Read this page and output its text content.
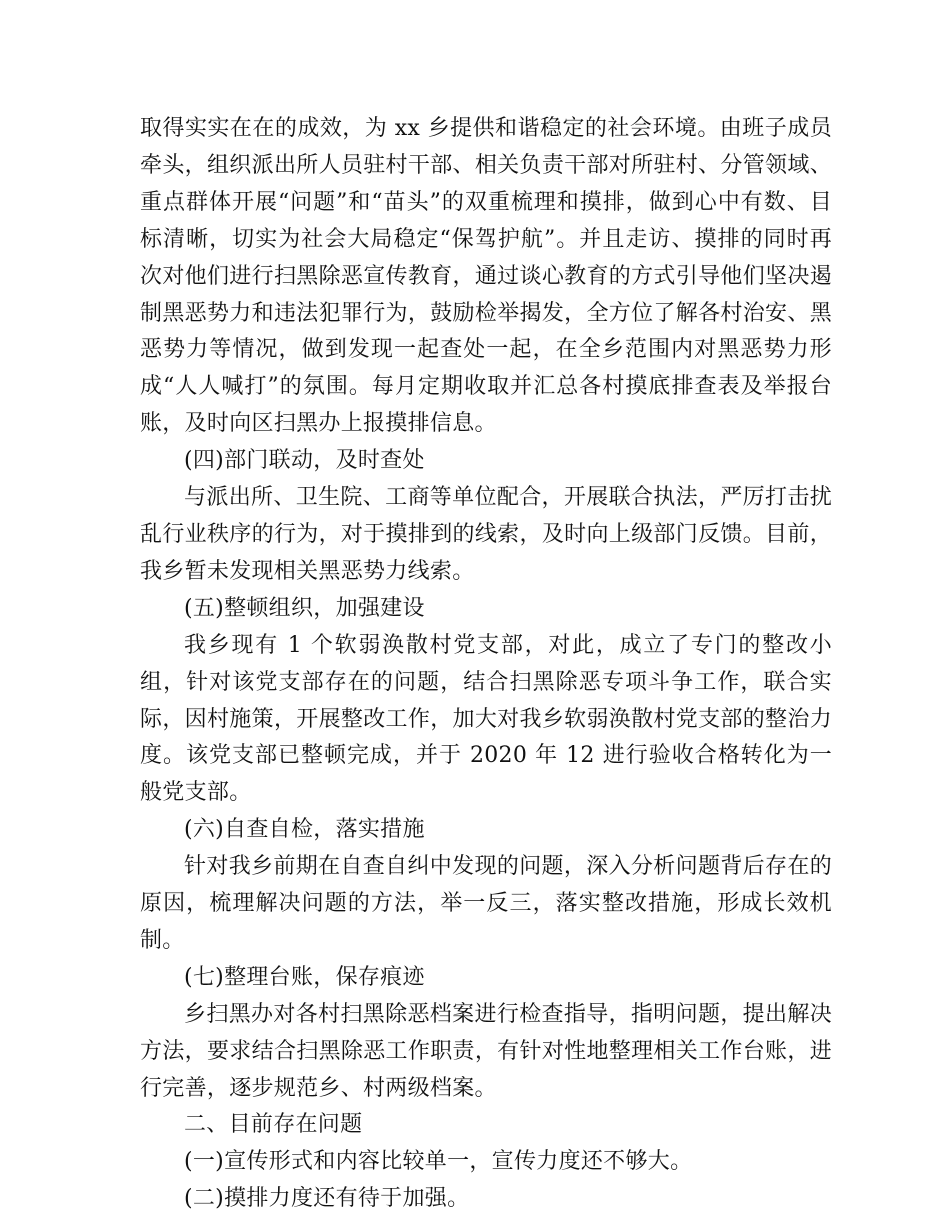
取得实实在在的成效，为 xx 乡提供和谐稳定的社会环境。由班子成员牵头，组织派出所人员驻村干部、相关负责干部对所驻村、分管领域、重点群体开展“问题”和“苗头”的双重梳理和摸排，做到心中有数、目标清晰，切实为社会大局稳定“保驾护航”。并且走访、摸排的同时再次对他们进行扫黑除恶宣传教育，通过谈心教育的方式引导他们坚决遏制黑恶势力和违法犯罪行为，鼓励检举揭发，全方位了解各村治安、黑恶势力等情况，做到发现一起查处一起，在全乡范围内对黑恶势力形成“人人喊打”的氛围。每月定期收取并汇总各村摸底排查表及举报台账，及时向区扫黑办上报摸排信息。

(四)部门联动，及时查处

与派出所、卫生院、工商等单位配合，开展联合执法，严厉打击扰乱行业秩序的行为，对于摸排到的线索，及时向上级部门反馈。目前，我乡暂未发现相关黑恶势力线索。

(五)整顿组织，加强建设

我乡现有 1 个软弱涣散村党支部，对此，成立了专门的整改小组，针对该党支部存在的问题，结合扫黑除恶专项斗争工作，联合实际，因村施策，开展整改工作，加大对我乡软弱涣散村党支部的整治力度。该党支部已整顿完成，并于 2020 年 12 进行验收合格转化为一般党支部。

(六)自查自检，落实措施

针对我乡前期在自查自纠中发现的问题，深入分析问题背后存在的原因，梳理解决问题的方法，举一反三，落实整改措施，形成长效机制。

(七)整理台账，保存痕迹

乡扫黑办对各村扫黑除恶档案进行检查指导，指明问题，提出解决方法，要求结合扫黑除恶工作职责，有针对性地整理相关工作台账，进行完善，逐步规范乡、村两级档案。

二、目前存在问题

(一)宣传形式和内容比较单一，宣传力度还不够大。

(二)摸排力度还有待于加强。
